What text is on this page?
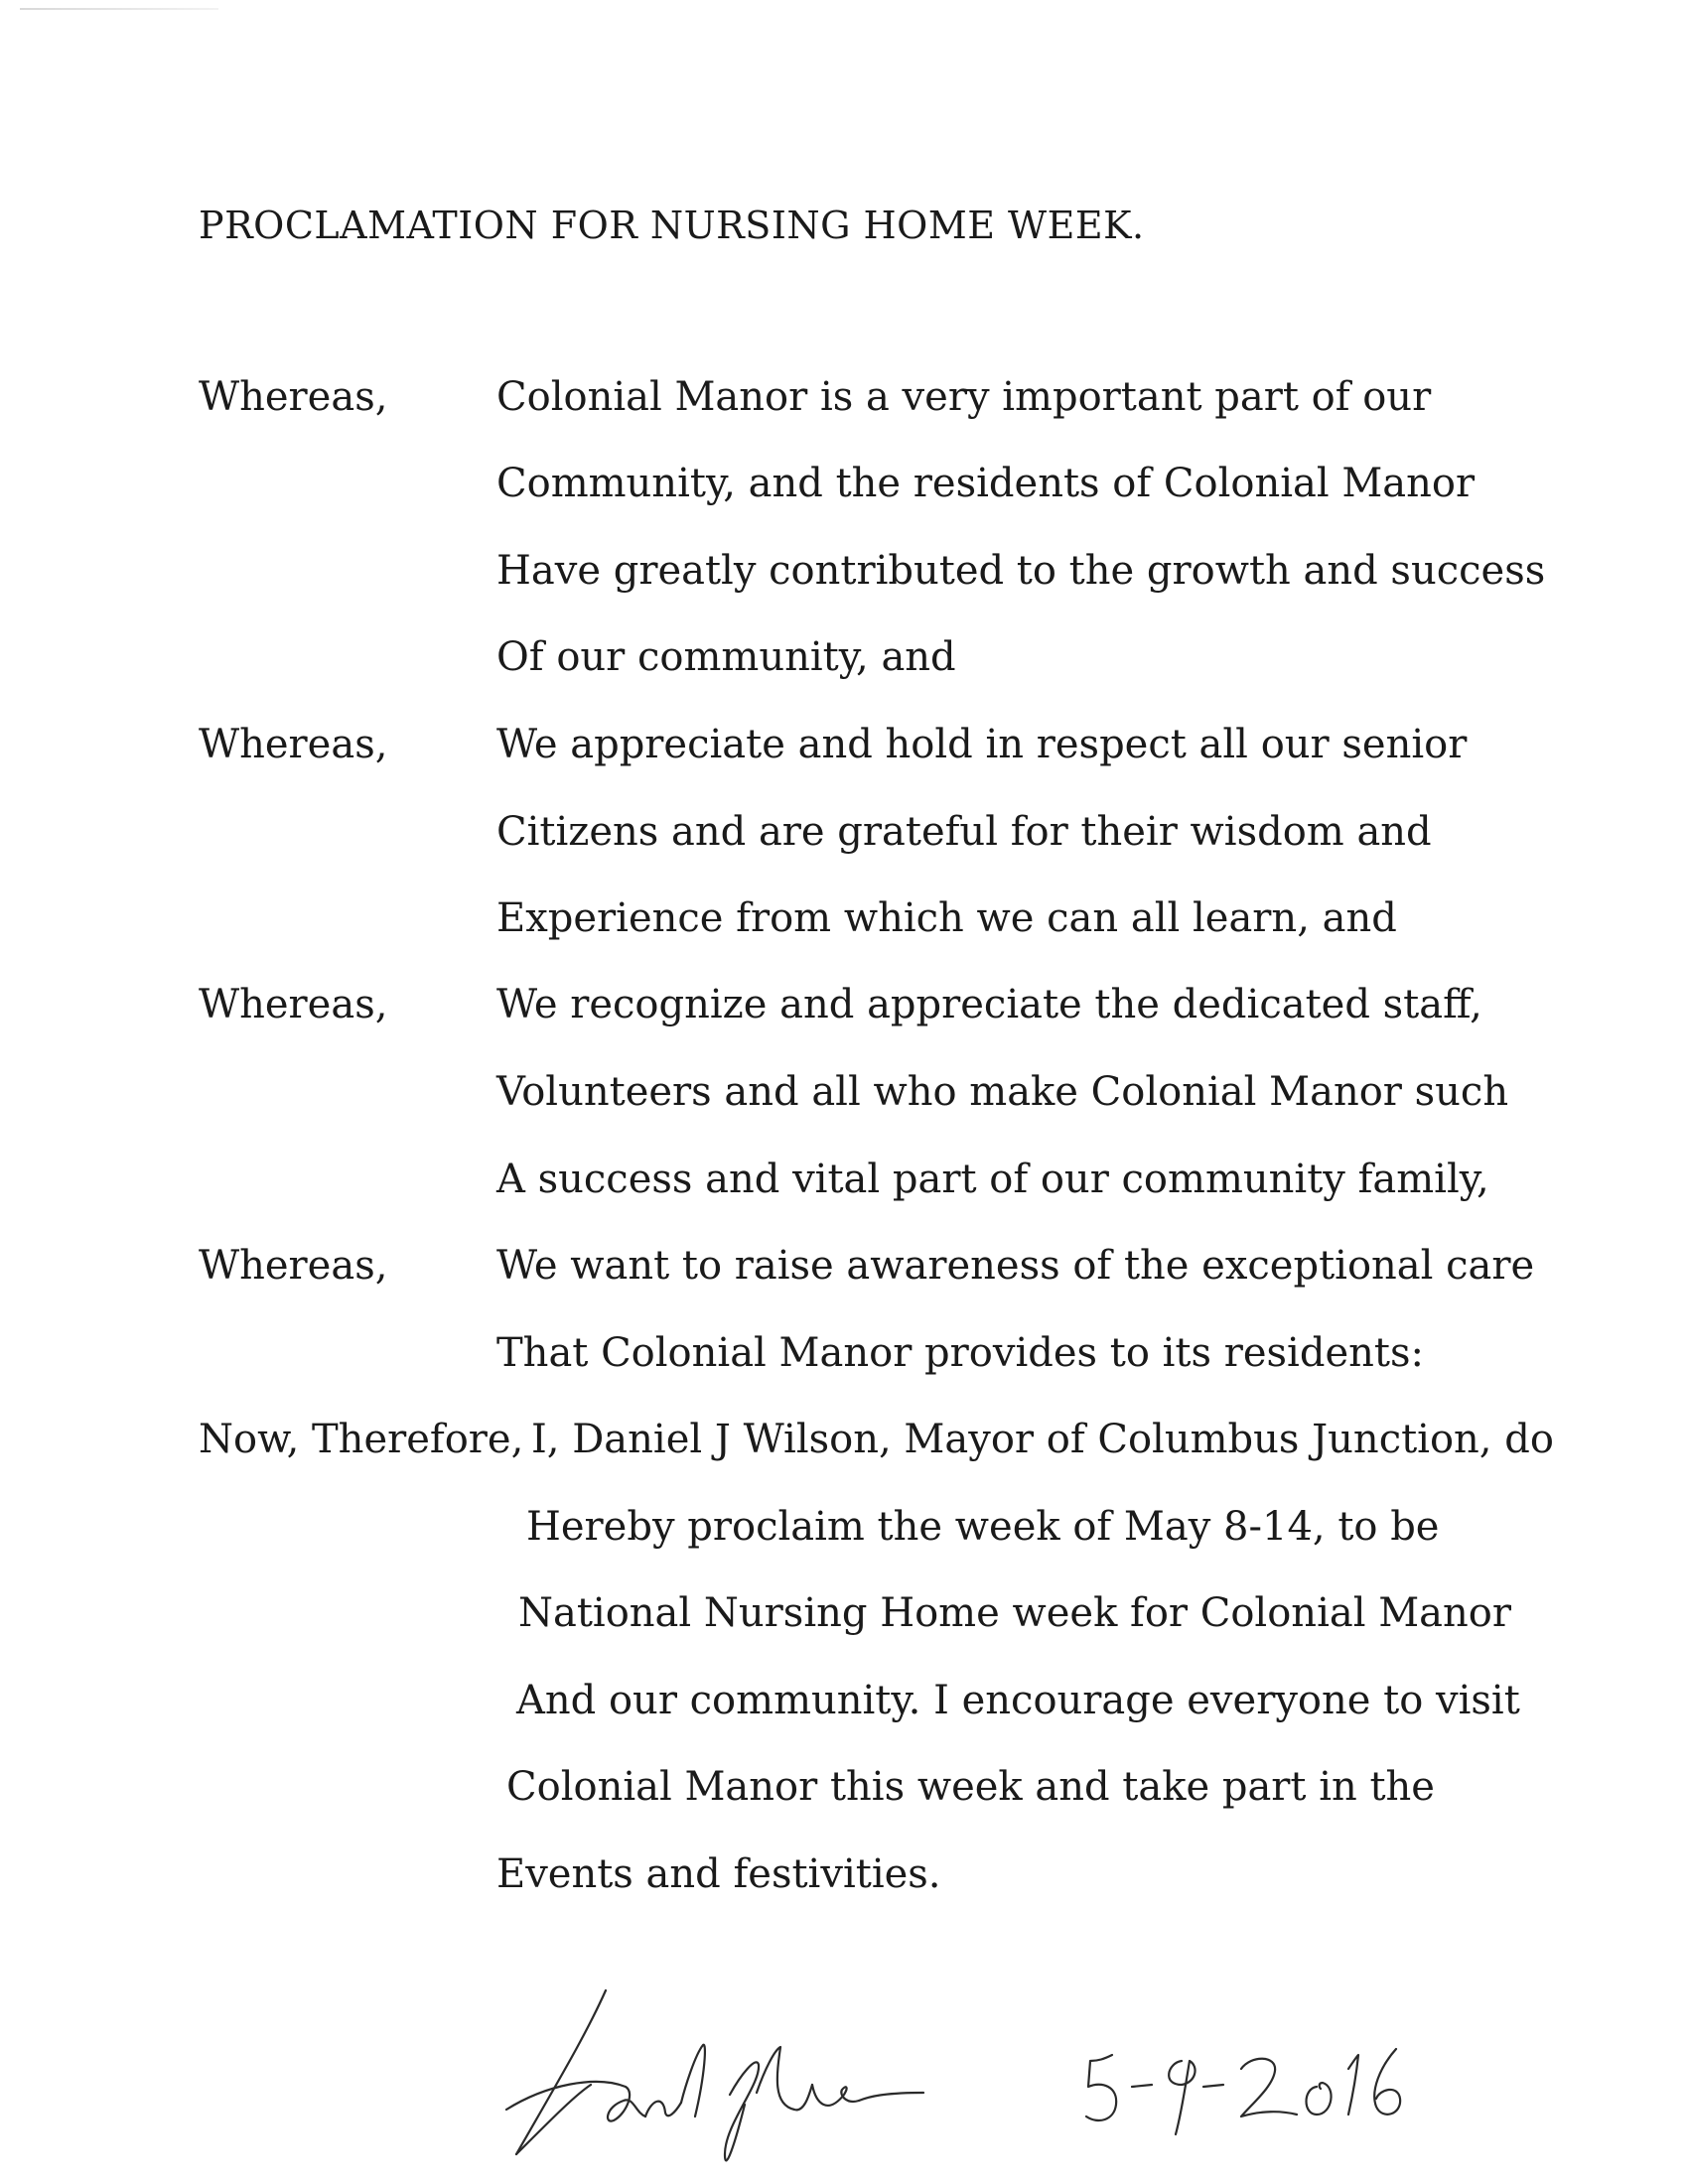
PROCLAMATION FOR NURSING HOME WEEK.
Whereas,	Colonial Manor is a very important part of our
Community, and the residents of Colonial Manor
Have greatly contributed to the growth and success
Of our community, and
Whereas,	We appreciate and hold in respect all our senior
Citizens and are grateful for their wisdom and
Experience from which we can all learn, and
Whereas,	We recognize and appreciate the dedicated staff,
Volunteers and all who make Colonial Manor such
A success and vital part of our community family,
Whereas,	We want to raise awareness of the exceptional care
That Colonial Manor provides to its residents:
Now, Therefore, I, Daniel J Wilson, Mayor of Columbus Junction, do
Hereby proclaim the week of May 8-14, to be
National Nursing Home week for Colonial Manor
And our community. I encourage everyone to visit
Colonial Manor this week and take part in the
Events and festivities.
